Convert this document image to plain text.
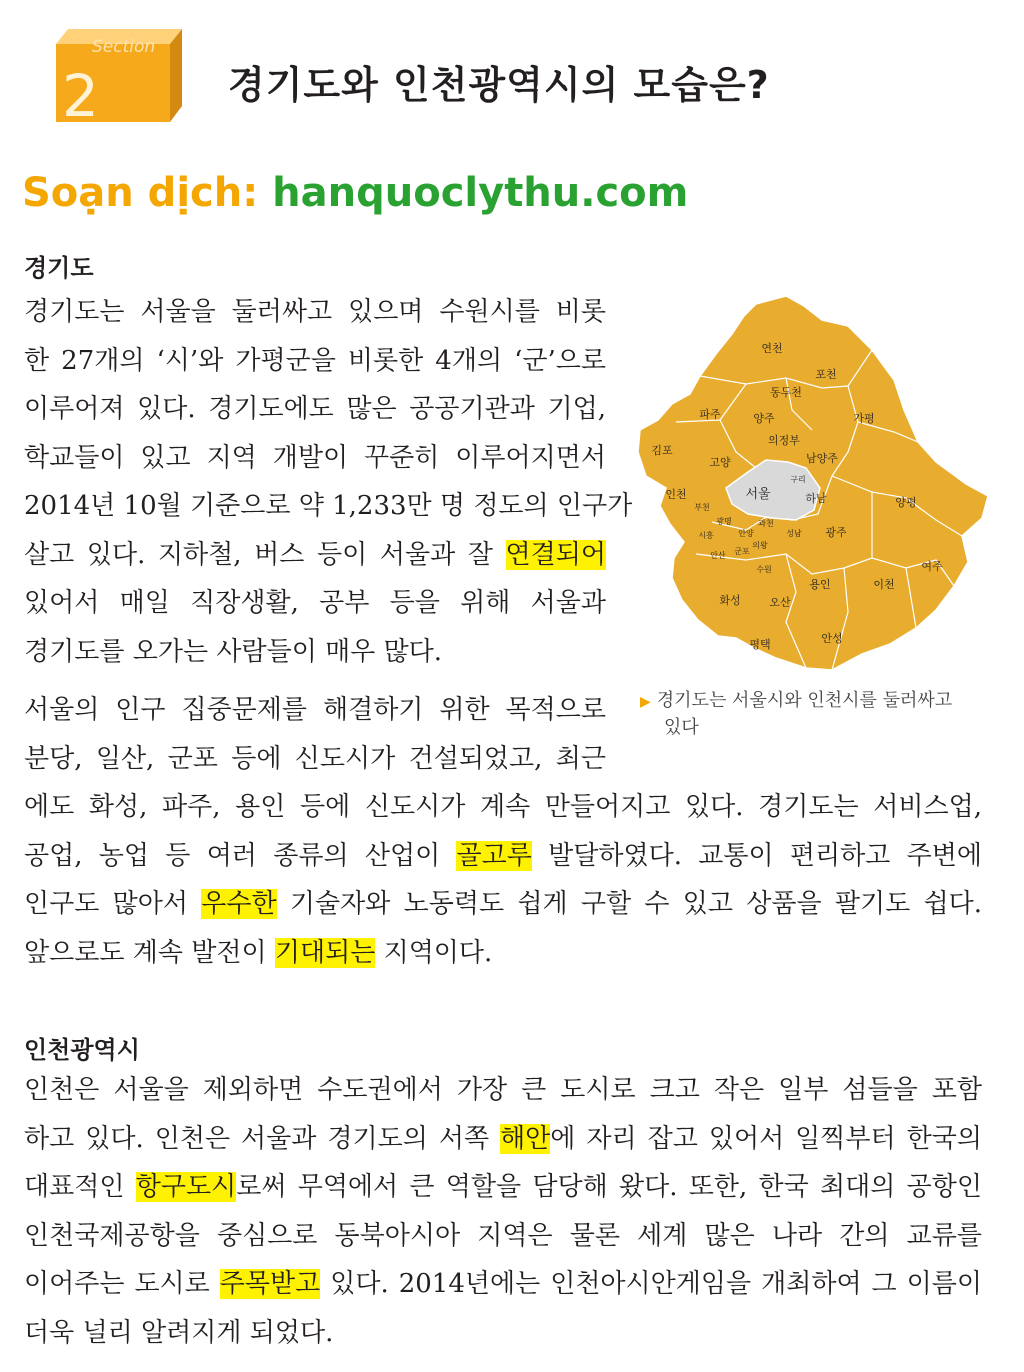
Section
2	경기도와 인천광역시의 모습은?
Soạn dịch: hanquoclythu.com
경기도
경기도는 서울을 둘러싸고 있으며 수원시를 비롯
한 27개의 ‘시’와 가평군을 비롯한 4개의 ‘군’으로
이루어져 있다. 경기도에도 많은 공공기관과 기업,
학교들이 있고 지역 개발이 꾸준히 이루어지면서
2014년 10월 기준으로 약 1,233만 명 정도의 인구가
살고 있다. 지하철, 버스 등이 서울과 잘 연결되어
있어서 매일 직장생활, 공부 등을 위해 서울과
경기도를 오가는 사람들이 매우 많다.
서울의 인구 집중문제를 해결하기 위한 목적으로
분당, 일산, 군포 등에 신도시가 건설되었고, 최근
에도 화성, 파주, 용인 등에 신도시가 계속 만들어지고 있다. 경기도는 서비스업,
공업, 농업 등 여러 종류의 산업이 골고루 발달하였다. 교통이 편리하고 주변에
인구도 많아서 우수한 기술자와 노동력도 쉽게 구할 수 있고 상품을 팔기도 쉽다.
앞으로도 계속 발전이 기대되는 지역이다.
연천
포천
동두천
파주	양주	가평
의정부
김포
고양	남양주
구리
서울
인천	하남	양평
부천
광명	과천
성남 광주
시흥	안양
의왕
안산 군포
수원
용인	이천
여주
화성	오산
평택	안성
▶ 경기도는 서울시와 인천시를 둘러싸고
있다
인천광역시
인천은 서울을 제외하면 수도권에서 가장 큰 도시로 크고 작은 일부 섬들을 포함
하고 있다. 인천은 서울과 경기도의 서쪽 해안에 자리 잡고 있어서 일찍부터 한국의
대표적인 항구도시로써 무역에서 큰 역할을 담당해 왔다. 또한, 한국 최대의 공항인
인천국제공항을 중심으로 동북아시아 지역은 물론 세계 많은 나라 간의 교류를
이어주는 도시로 주목받고 있다. 2014년에는 인천아시안게임을 개최하여 그 이름이
더욱 널리 알려지게 되었다.
